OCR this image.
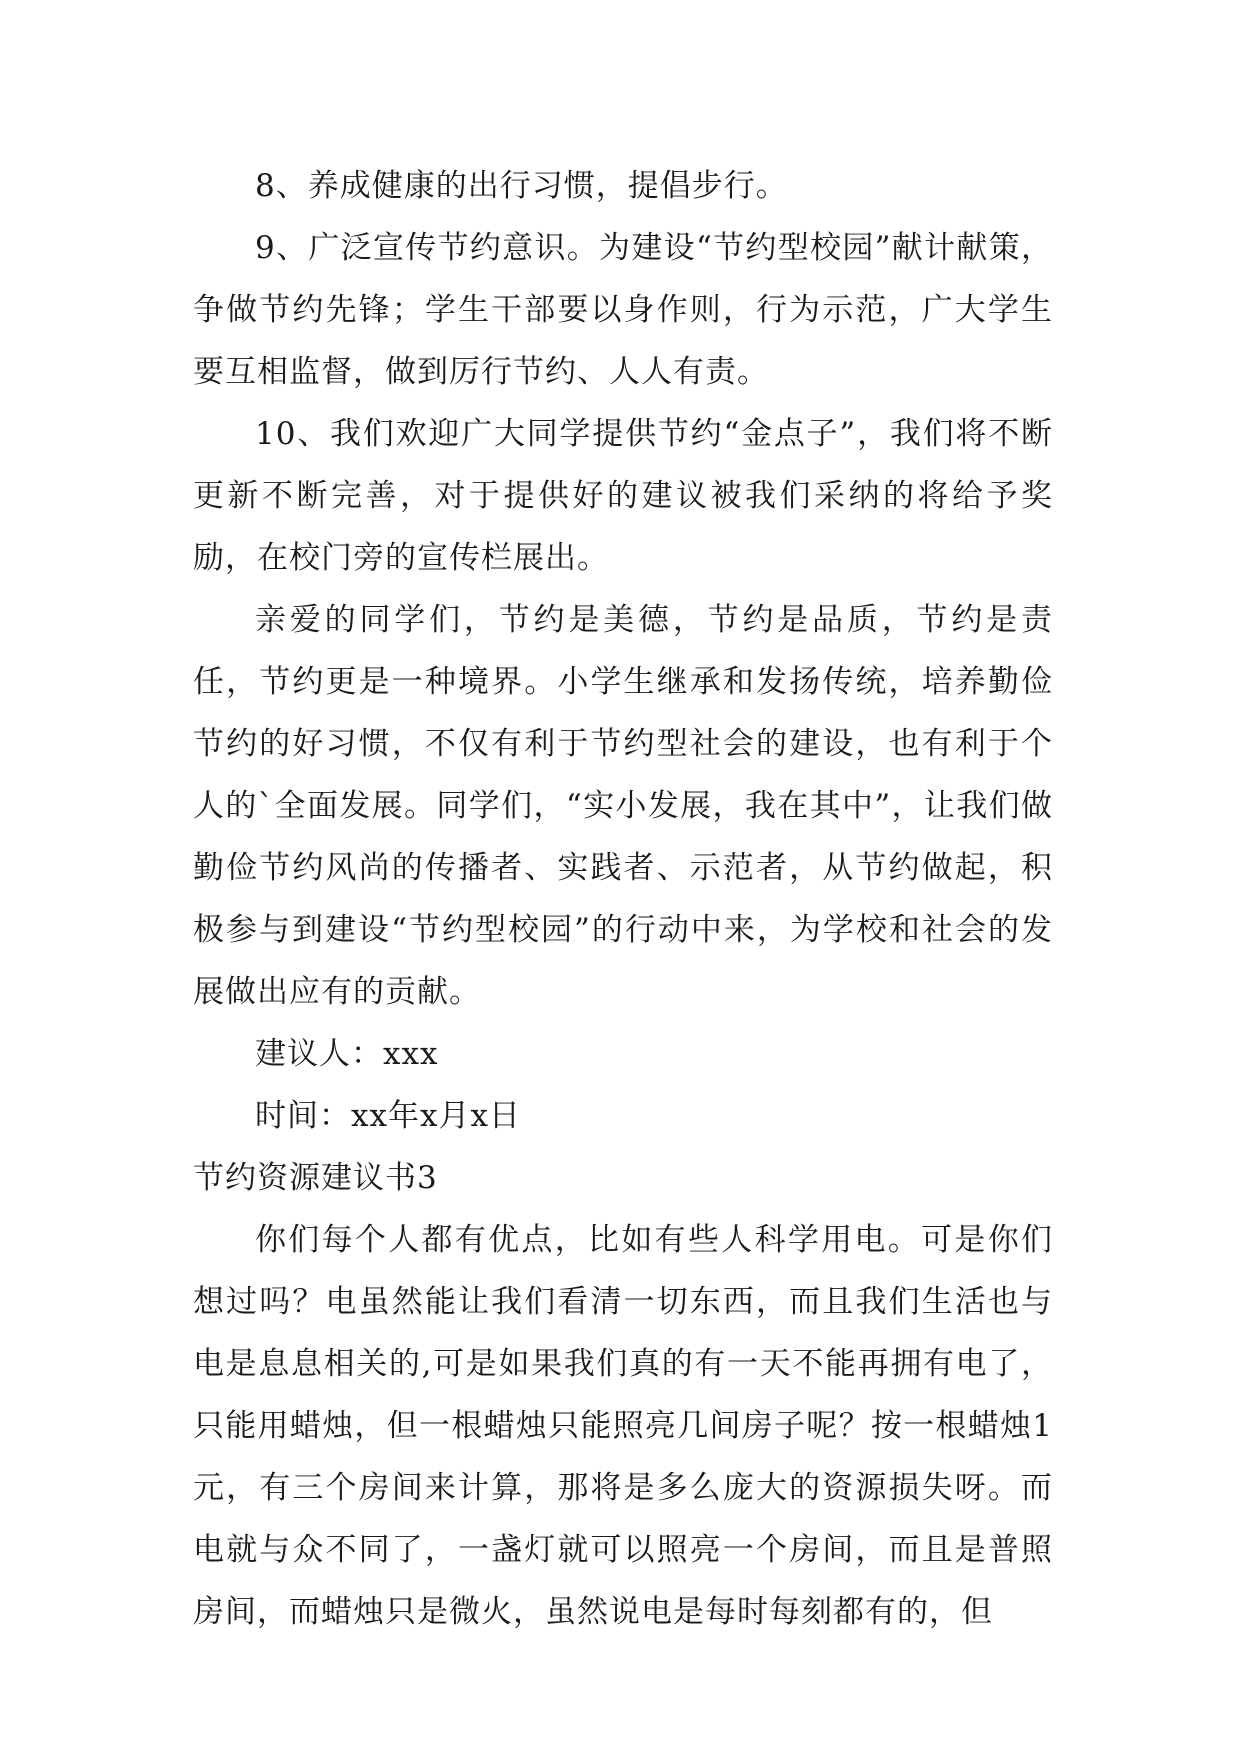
8、养成健康的出行习惯，提倡步行。

9、广泛宣传节约意识。为建设“节约型校园”献计献策，争做节约先锋；学生干部要以身作则，行为示范，广大学生要互相监督，做到厉行节约、人人有责。

10、我们欢迎广大同学提供节约“金点子”，我们将不断更新不断完善，对于提供好的建议被我们采纳的将给予奖励，在校门旁的宣传栏展出。

亲爱的同学们，节约是美德，节约是品质，节约是责任，节约更是一种境界。小学生继承和发扬传统，培养勤俭节约的好习惯，不仅有利于节约型社会的建设，也有利于个人的`全面发展。同学们，“实小发展，我在其中”，让我们做勤俭节约风尚的传播者、实践者、示范者，从节约做起，积极参与到建设“节约型校园”的行动中来，为学校和社会的发展做出应有的贡献。

建议人：xxx

时间：xx年x月x日

节约资源建议书3

你们每个人都有优点，比如有些人科学用电。可是你们想过吗？电虽然能让我们看清一切东西，而且我们生活也与电是息息相关的,可是如果我们真的有一天不能再拥有电了，只能用蜡烛，但一根蜡烛只能照亮几间房子呢？按一根蜡烛1元，有三个房间来计算，那将是多么庞大的资源损失呀。而电就与众不同了，一盏灯就可以照亮一个房间，而且是普照房间，而蜡烛只是微火，虽然说电是每时每刻都有的，但
